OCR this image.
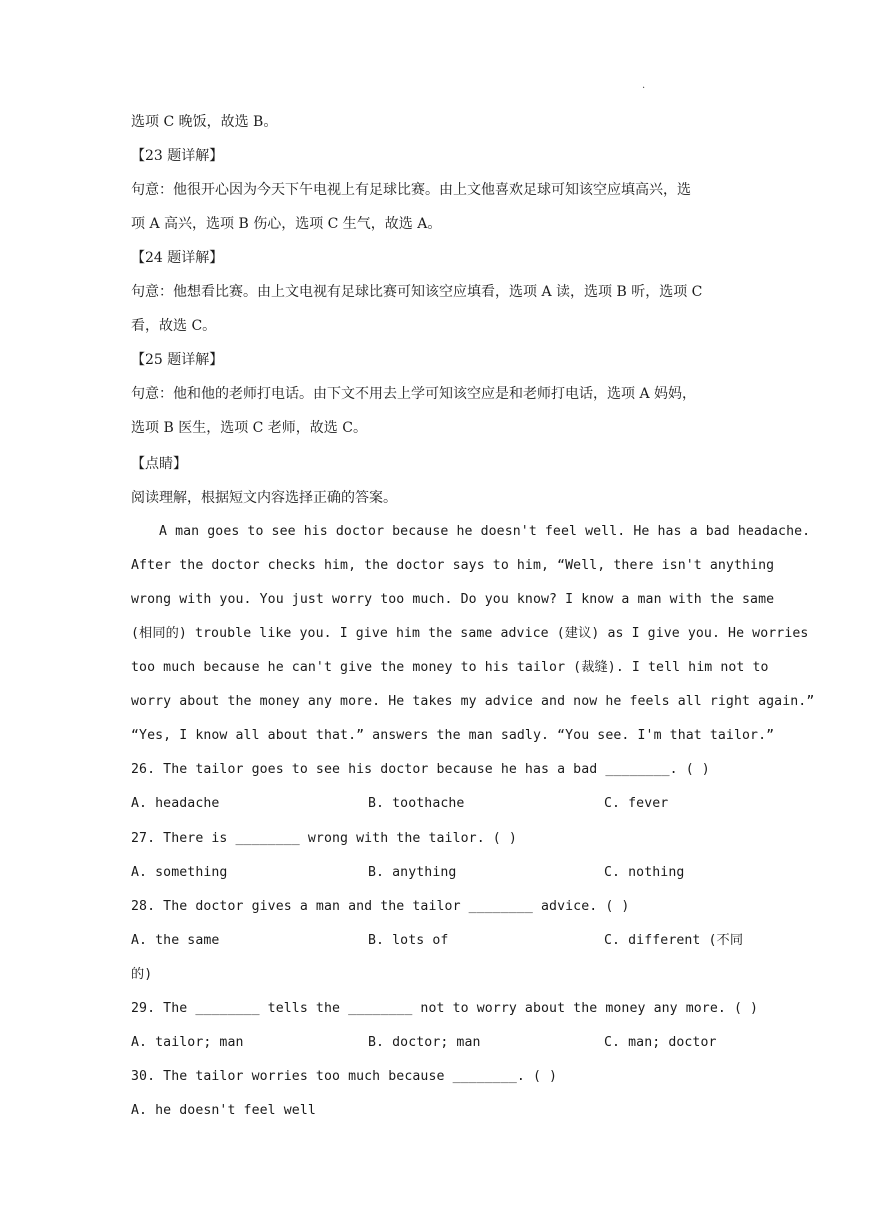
.
选项 C 晚饭，故选 B。
【23 题详解】
句意：他很开心因为今天下午电视上有足球比赛。由上文他喜欢足球可知该空应填高兴，选
项 A 高兴，选项 B 伤心，选项 C 生气，故选 A。
【24 题详解】
句意：他想看比赛。由上文电视有足球比赛可知该空应填看，选项 A 读，选项 B 听，选项 C
看，故选 C。
【25 题详解】
句意：他和他的老师打电话。由下文不用去上学可知该空应是和老师打电话，选项 A 妈妈，
选项 B 医生，选项 C 老师，故选 C。
【点睛】
阅读理解，根据短文内容选择正确的答案。
A man goes to see his doctor because he doesn't feel well. He has a bad headache.
After the doctor checks him, the doctor says to him, “Well, there isn't anything
wrong with you. You just worry too much. Do you know? I know a man with the same
(相同的) trouble like you. I give him the same advice (建议) as I give you. He worries
too much because he can't give the money to his tailor (裁缝). I tell him not to
worry about the money any more. He takes my advice and now he feels all right again.”
“Yes, I know all about that.” answers the man sadly. “You see. I'm that tailor.”
26. The tailor goes to see his doctor because he has a bad ________. ( )
A. headache	B. toothache	C. fever
27. There is ________ wrong with the tailor. ( )
A. something	B. anything	C. nothing
28. The doctor gives a man and the tailor ________ advice. ( )
A. the same	B. lots of	C. different (不同
的)
29. The ________ tells the ________ not to worry about the money any more. ( )
A. tailor; man	B. doctor; man	C. man; doctor
30. The tailor worries too much because ________. ( )
A. he doesn't feel well
